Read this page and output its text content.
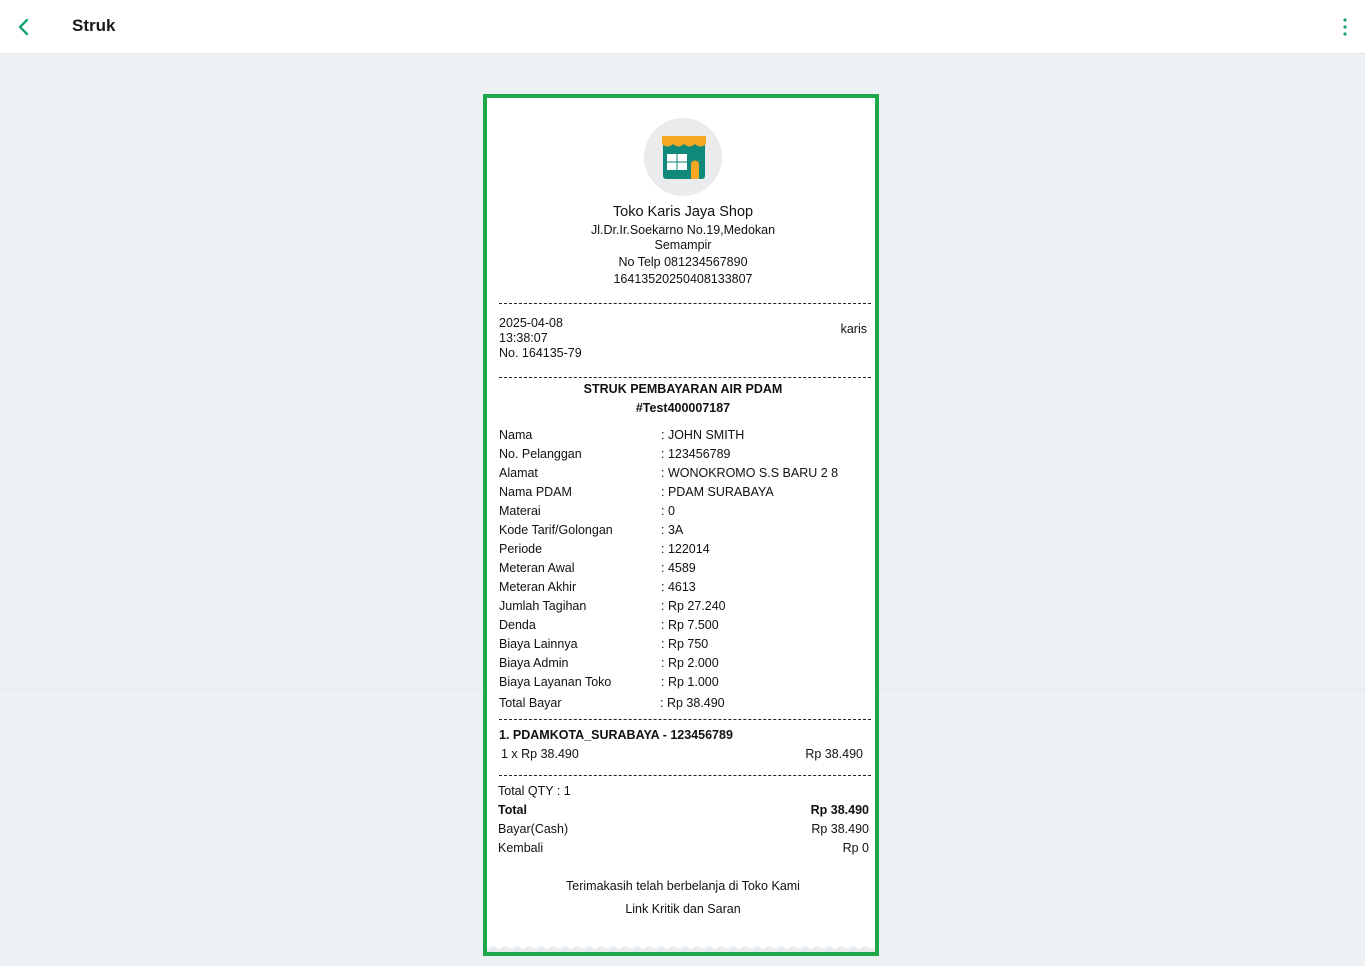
Struk
Toko Karis Jaya Shop
Jl.Dr.Ir.Soekarno No.19,Medokan
Semampir
No Telp 081234567890
16413520250408133807
2025-04-08
13:38:07
No. 164135-79
karis
STRUK PEMBAYARAN AIR PDAM
#Test400007187
Nama	: JOHN SMITH
No. Pelanggan	: 123456789
Alamat	: WONOKROMO S.S BARU 2 8
Nama PDAM	: PDAM SURABAYA
Materai	: 0
Kode Tarif/Golongan	: 3A
Periode	: 122014
Meteran Awal	: 4589
Meteran Akhir	: 4613
Jumlah Tagihan	: Rp 27.240
Denda	: Rp 7.500
Biaya Lainnya	: Rp 750
Biaya Admin	: Rp 2.000
Biaya Layanan Toko	: Rp 1.000
Total Bayar	: Rp 38.490
1. PDAMKOTA_SURABAYA - 123456789
1 x Rp 38.490	Rp 38.490
Total QTY : 1
Total	Rp 38.490
Bayar(Cash)	Rp 38.490
Kembali	Rp 0
Terimakasih telah berbelanja di Toko Kami
Link Kritik dan Saran
